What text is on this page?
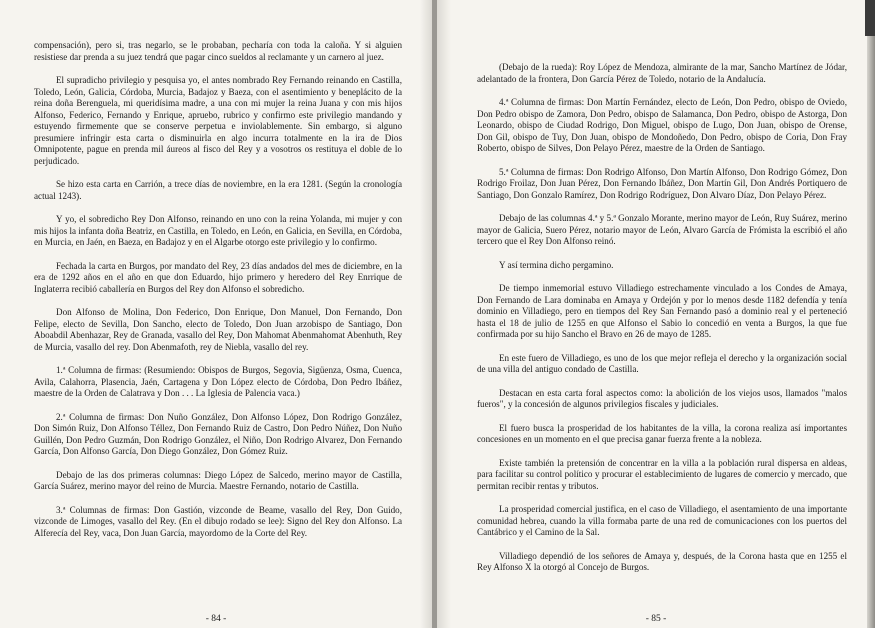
compensación), pero si, tras negarlo, se le probaban, pecharía con toda la caloña. Y si alguien resistiese dar prenda a su juez tendrá que pagar cinco sueldos al reclamante y un carnero al juez.

El supradicho privilegio y pesquisa yo, el antes nombrado Rey Fernando reinando en Castilla, Toledo, León, Galicia, Córdoba, Murcia, Badajoz y Baeza, con el asentimiento y beneplácito de la reina doña Berenguela, mi queridísima madre, a una con mi mujer la reina Juana y con mis hijos Alfonso, Federico, Fernando y Enrique, apruebo, rubrico y confirmo este privilegio mandando y estuyendo firmemente que se conserve perpetua e inviolablemente. Sin embargo, si alguno presumiere infringir esta carta o disminuirla en algo incurra totalmente en la ira de Dios Omnipotente, pague en prenda mil áureos al fisco del Rey y a vosotros os restituya el doble de lo perjudicado.

Se hizo esta carta en Carrión, a trece días de noviembre, en la era 1281. (Según la cronología actual 1243).

Y yo, el sobredicho Rey Don Alfonso, reinando en uno con la reina Yolanda, mi mujer y con mis hijos la infanta doña Beatriz, en Castilla, en Toledo, en León, en Galicia, en Sevilla, en Córdoba, en Murcia, en Jaén, en Baeza, en Badajoz y en el Algarbe otorgo este privilegio y lo confirmo.

Fechada la carta en Burgos, por mandato del Rey, 23 días andados del mes de diciembre, en la era de 1292 años en el año en que don Eduardo, hijo primero y heredero del Rey Enrrique de Inglaterra recibió caballería en Burgos del Rey don Alfonso el sobredicho.

Don Alfonso de Molina, Don Federico, Don Enrique, Don Manuel, Don Fernando, Don Felipe, electo de Sevilla, Don Sancho, electo de Toledo, Don Juan arzobispo de Santiago, Don Aboabdil Abenhazar, Rey de Granada, vasallo del Rey, Don Mahomat Abenmahomat Abenhuth, Rey de Murcia, vasallo del rey. Don Abenmafoth, rey de Niebla, vasallo del rey.

1.ª Columna de firmas: (Resumiendo: Obispos de Burgos, Segovia, Sigüenza, Osma, Cuenca, Avila, Calahorra, Plasencia, Jaén, Cartagena y Don López electo de Córdoba, Don Pedro Ibáñez, maestre de la Orden de Calatrava y Don . . . La Iglesia de Palencia vaca.)

2.ª Columna de firmas: Don Nuño González, Don Alfonso López, Don Rodrigo González, Don Simón Ruiz, Don Alfonso Téllez, Don Fernando Ruiz de Castro, Don Pedro Núñez, Don Nuño Guillén, Don Pedro Guzmán, Don Rodrigo González, el Niño, Don Rodrigo Alvarez, Don Fernando García, Don Alfonso García, Don Diego González, Don Gómez Ruiz.

Debajo de las dos primeras columnas: Diego López de Salcedo, merino mayor de Castilla, García Suárez, merino mayor del reino de Murcia. Maestre Fernando, notario de Castilla.

3.ª Columnas de firmas: Don Gastión, vizconde de Beame, vasallo del Rey, Don Guido, vizconde de Limoges, vasallo del Rey. (En el dibujo rodado se lee): Signo del Rey don Alfonso. La Alferecía del Rey, vaca, Don Juan García, mayordomo de la Corte del Rey.

- 84 -

(Debajo de la rueda): Roy López de Mendoza, almirante de la mar, Sancho Martínez de Jódar, adelantado de la frontera, Don García Pérez de Toledo, notario de la Andalucía.

4.ª Columna de firmas: Don Martín Fernández, electo de León, Don Pedro, obispo de Oviedo, Don Pedro obispo de Zamora, Don Pedro, obispo de Salamanca, Don Pedro, obispo de Astorga, Don Leonardo, obispo de Ciudad Rodrigo, Don Miguel, obispo de Lugo, Don Juan, obispo de Orense, Don Gil, obispo de Tuy, Don Juan, obispo de Mondoñedo, Don Pedro, obispo de Coria, Don Fray Roberto, obispo de Silves, Don Pelayo Pérez, maestre de la Orden de Santiago.

5.ª Columna de firmas: Don Rodrigo Alfonso, Don Martín Alfonso, Don Rodrigo Gómez, Don Rodrigo Froilaz, Don Juan Pérez, Don Fernando Ibáñez, Don Martín Gil, Don Andrés Portiquero de Santiago, Don Gonzalo Ramírez, Don Rodrigo Rodríguez, Don Alvaro Díaz, Don Pelayo Pérez.

Debajo de las columnas 4.ª y 5.ª Gonzalo Morante, merino mayor de León, Ruy Suárez, merino mayor de Galicia, Suero Pérez, notario mayor de León, Alvaro García de Frómista la escribió el año tercero que el Rey Don Alfonso reinó.

Y así termina dicho pergamino.

De tiempo inmemorial estuvo Villadiego estrechamente vinculado a los Condes de Amaya, Don Fernando de Lara dominaba en Amaya y Ordejón y por lo menos desde 1182 defendía y tenía dominio en Villadiego, pero en tiempos del Rey San Fernando pasó a dominio real y el perteneció hasta el 18 de julio de 1255 en que Alfonso el Sabio lo concedió en venta a Burgos, la que fue confirmada por su hijo Sancho el Bravo en 26 de mayo de 1285.

En este fuero de Villadiego, es uno de los que mejor refleja el derecho y la organización social de una villa del antiguo condado de Castilla.

Destacan en esta carta foral aspectos como: la abolición de los viejos usos, llamados "malos fueros", y la concesión de algunos privilegios fiscales y judiciales.

El fuero busca la prosperidad de los habitantes de la villa, la corona realiza así importantes concesiones en un momento en el que precisa ganar fuerza frente a la nobleza.

Existe también la pretensión de concentrar en la villa a la población rural dispersa en aldeas, para facilitar su control político y procurar el establecimiento de lugares de comercio y mercado, que permitan recibir rentas y tributos.

La prosperidad comercial justifica, en el caso de Villadiego, el asentamiento de una importante comunidad hebrea, cuando la villa formaba parte de una red de comunicaciones con los puertos del Cantábrico y el Camino de la Sal.

Villadiego dependió de los señores de Amaya y, después, de la Corona hasta que en 1255 el Rey Alfonso X la otorgó al Concejo de Burgos.

- 85 -
